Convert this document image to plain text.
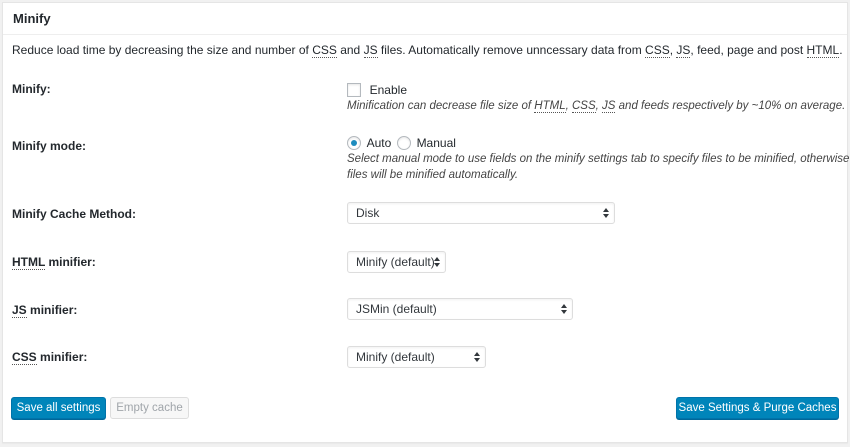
Minify
Reduce load time by decreasing the size and number of CSS and JS files. Automatically remove unncessary data from CSS, JS, feed, page and post HTML.
Minify:	Enable
Minification can decrease file size of HTML, CSS, JS and feeds respectively by ~10% on average.
Minify mode:	Auto Manual
Select manual mode to use fields on the minify settings tab to specify files to be minified, otherwise
files will be minified automatically.
Minify Cache Method:	Disk
HTML minifier:	Minify (default)
JS minifier:	JSMin (default)
CSS minifier:	Minify (default)
Save all settings	Empty cache	Save Settings & Purge Caches
